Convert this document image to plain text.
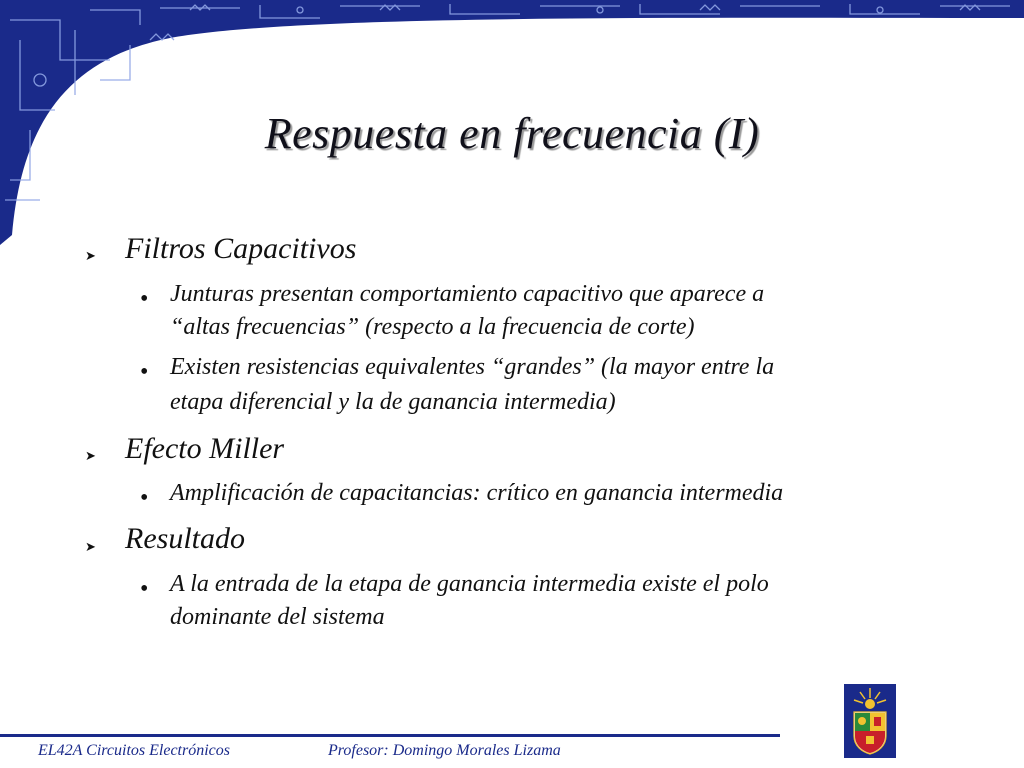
Respuesta en frecuencia (I)
➤ Filtros Capacitivos
• Junturas presentan comportamiento capacitivo que aparece a
“altas frecuencias” (respecto a la frecuencia de corte)
• Existen resistencias equivalentes “grandes” (la mayor entre la
etapa diferencial y la de ganancia intermedia)
➤ Efecto Miller
• Amplificación de capacitancias: crítico en ganancia intermedia
➤ Resultado
• A la entrada de la etapa de ganancia intermedia existe el polo
dominante del sistema
EL42A Circuitos Electrónicos	Profesor: Domingo Morales Lizama
